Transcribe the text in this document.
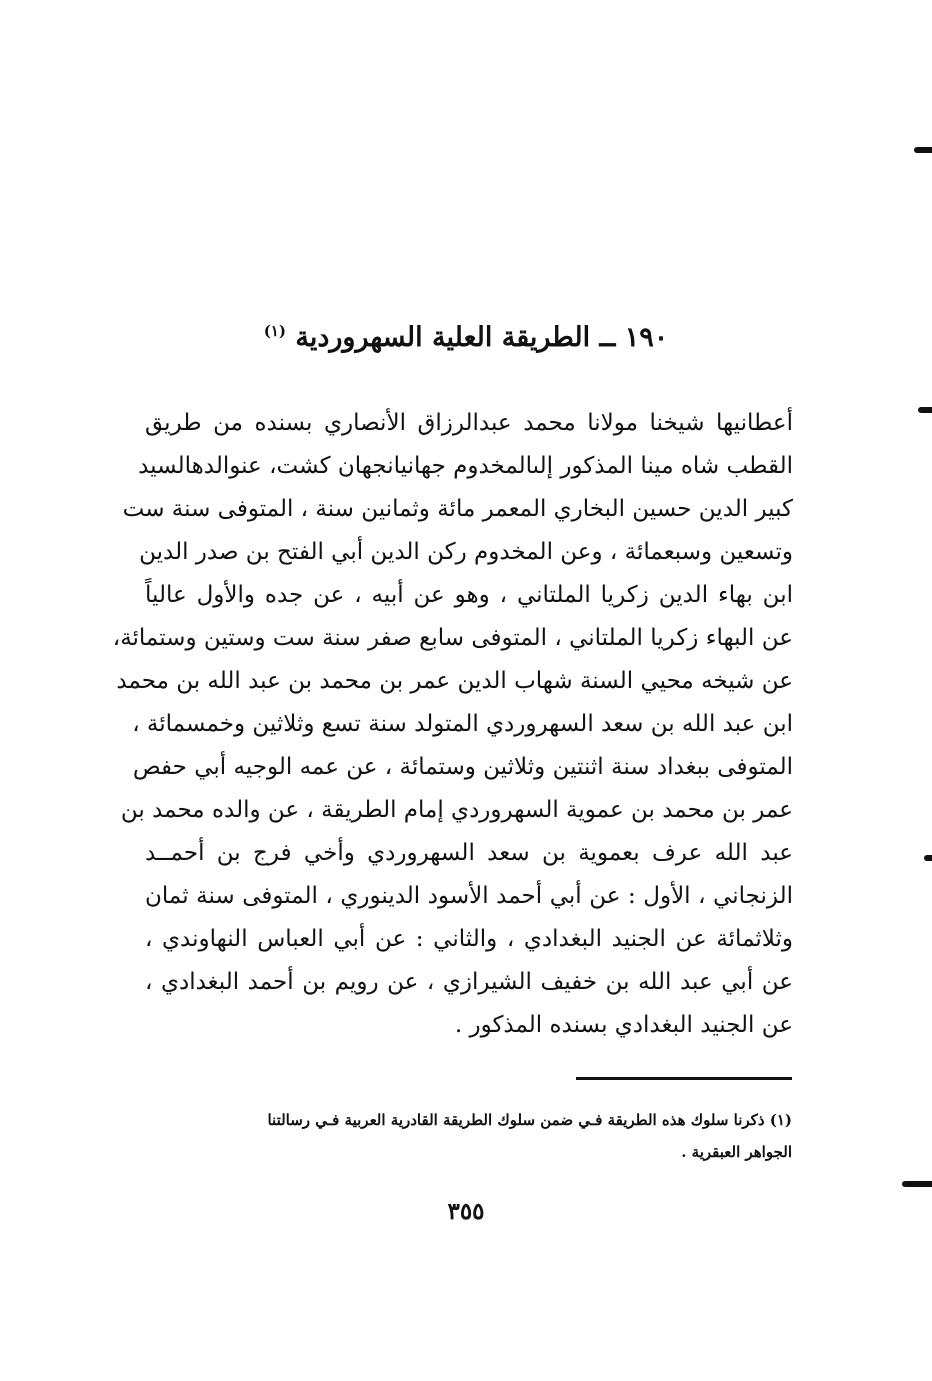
١٩٠ ــ الطريقة العلية السهروردية $^{(١)}$
أعطانيها شيخنا مولانا محمد عبدالرزاق الأنصاري بسنده من طريق
القطب شاه مينا المذكور إلىالمخدوم جهانيانجهان كشت، عنوالدهالسيد
كبير الدين حسين البخاري المعمر مائة وثمانين سنة ، المتوفى سنة ست
وتسعين وسبعمائة ، وعن المخدوم ركن الدين أبي الفتح بن صدر الدين
ابن بهاء الدين زكريا الملتاني ، وهو عن أبيه ، عن جده والأول عالياً
عن البهاء زكريا الملتاني ، المتوفى سابع صفر سنة ست وستين وستمائة،
عن شيخه محيي السنة شهاب الدين عمر بن محمد بن عبد الله بن محمد
ابن عبد الله بن سعد السهروردي المتولد سنة تسع وثلاثين وخمسمائة ،
المتوفى ببغداد سنة اثنتين وثلاثين وستمائة ، عن عمه الوجيه أبي حفص
عمر بن محمد بن عموية السهروردي إمام الطريقة ، عن والده محمد بن
عبد الله عرف بعموية بن سعد السهروردي وأخي فرج بن أحمــد
الزنجاني ، الأول : عن أبي أحمد الأسود الدينوري ، المتوفى سنة ثمان
وثلاثمائة عن الجنيد البغدادي ، والثاني : عن أبي العباس النهاوندي ،
عن أبي عبد الله بن خفيف الشيرازي ، عن رويم بن أحمد البغدادي ،
عن الجنيد البغدادي بسنده المذكور .
(١) ذكرنا سلوك هذه الطريقة فـي ضمن سلوك الطريقة القادرية العربية فـي رسالتنا
الجواهر العبقرية .
٣٥٥
